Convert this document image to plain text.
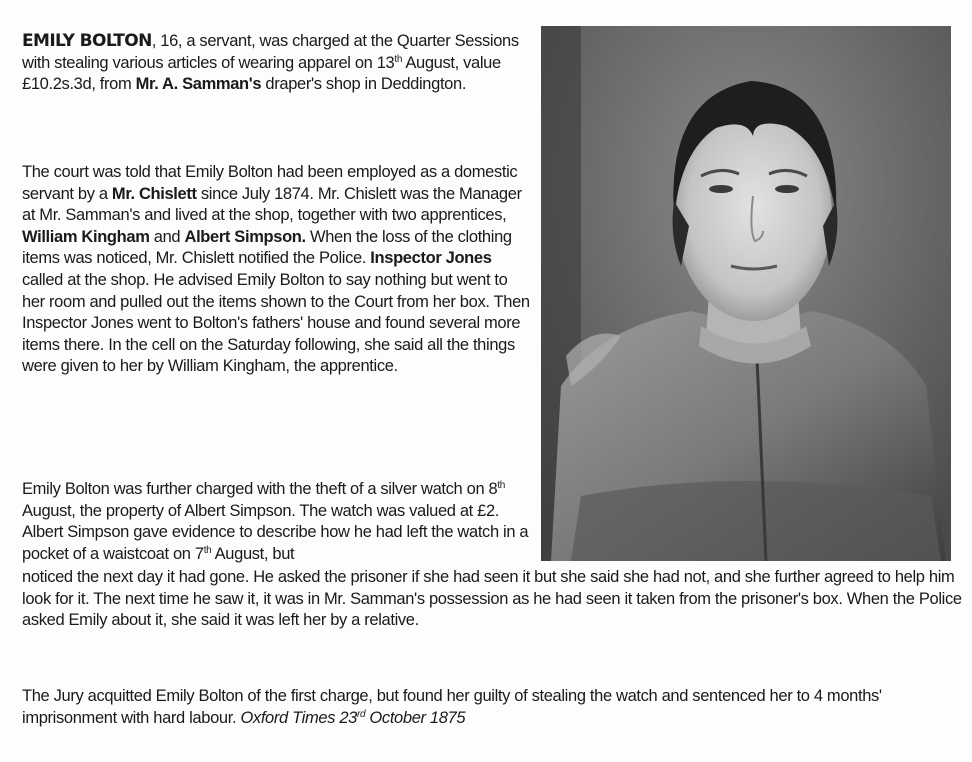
EMILY BOLTON, 16, a servant, was charged at the Quarter Sessions with stealing various articles of wearing apparel on 13th August, value £10.2s.3d, from Mr. A. Samman's draper's shop in Deddington.

The court was told that Emily Bolton had been employed as a domestic servant by a Mr. Chislett since July 1874. Mr. Chislett was the Manager at Mr. Samman's and lived at the shop, together with two apprentices, William Kingham and Albert Simpson. When the loss of the clothing items was noticed, Mr. Chislett notified the Police. Inspector Jones called at the shop. He advised Emily Bolton to say nothing but went to her room and pulled out the items shown to the Court from her box. Then Inspector Jones went to Bolton's fathers' house and found several more items there. In the cell on the Saturday following, she said all the things were given to her by William Kingham, the apprentice.

Emily Bolton was further charged with the theft of a silver watch on 8th August, the property of Albert Simpson. The watch was valued at £2. Albert Simpson gave evidence to describe how he had left the watch in a pocket of a waistcoat on 7th August, but

noticed the next day it had gone. He asked the prisoner if she had seen it but she said she had not, and she further agreed to help him look for it. The next time he saw it, it was in Mr. Samman's possession as he had seen it taken from the prisoner's box. When the Police asked Emily about it, she said it was left her by a relative.

The Jury acquitted Emily Bolton of the first charge, but found her guilty of stealing the watch and sentenced her to 4 months' imprisonment with hard labour. Oxford Times 23rd October 1875
